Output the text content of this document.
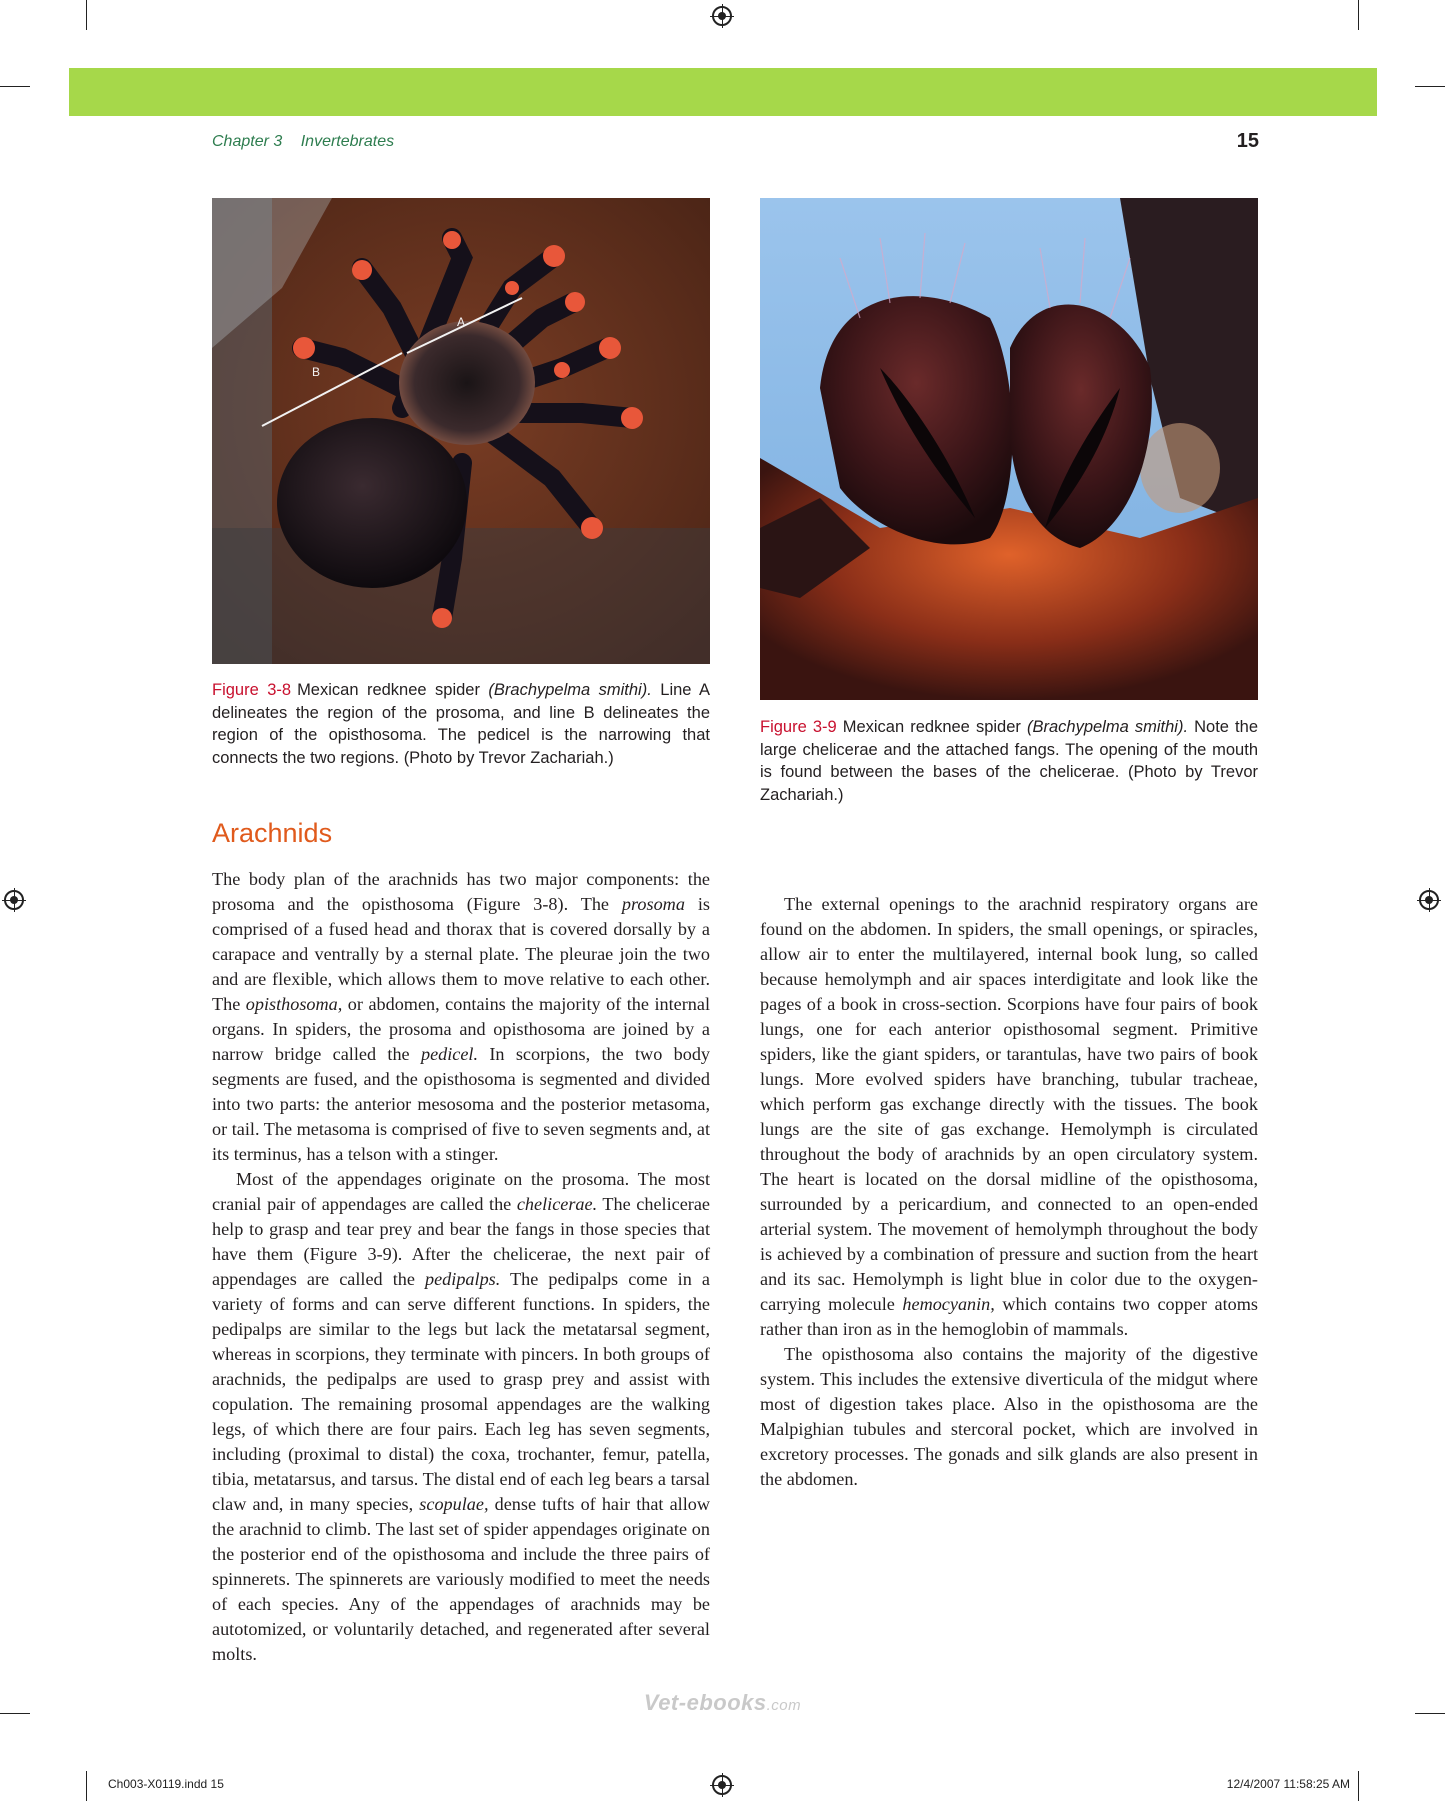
Chapter 3 Invertebrates	15
A
B
Figure 3-8 Mexican redknee spider (Brachypelma smithi). Line A delineates the region of the prosoma, and line B delineates the region of the opisthosoma. The pedicel is the narrowing that connects the two regions. (Photo by Trevor Zachariah.)
Figure 3-9 Mexican redknee spider (Brachypelma smithi). Note the large chelicerae and the attached fangs. The opening of the mouth is found between the bases of the chelicerae. (Photo by Trevor Zachariah.)
Arachnids

The body plan of the arachnids has two major components: the prosoma and the opisthosoma (Figure 3-8). The prosoma is comprised of a fused head and thorax that is covered dorsally by a carapace and ventrally by a sternal plate. The pleurae join the two and are flexible, which allows them to move relative to each other. The opisthosoma, or abdomen, contains the majority of the internal organs. In spiders, the prosoma and opisthosoma are joined by a narrow bridge called the pedicel. In scorpions, the two body segments are fused, and the opisthosoma is segmented and divided into two parts: the anterior mesosoma and the posterior metasoma, or tail. The metasoma is comprised of five to seven segments and, at its terminus, has a telson with a stinger.

Most of the appendages originate on the prosoma. The most cranial pair of appendages are called the chelicerae. The chelicerae help to grasp and tear prey and bear the fangs in those species that have them (Figure 3-9). After the chelicerae, the next pair of appendages are called the pedipalps. The pedipalps come in a variety of forms and can serve different functions. In spiders, the pedipalps are similar to the legs but lack the metatarsal segment, whereas in scorpions, they terminate with pincers. In both groups of arachnids, the pedipalps are used to grasp prey and assist with copulation. The remaining prosomal appendages are the walking legs, of which there are four pairs. Each leg has seven segments, including (proximal to distal) the coxa, trochanter, femur, patella, tibia, metatarsus, and tarsus. The distal end of each leg bears a tarsal claw and, in many species, scopulae, dense tufts of hair that allow the arachnid to climb. The last set of spider appendages originate on the posterior end of the opisthosoma and include the three pairs of spinnerets. The spinnerets are variously modified to meet the needs of each species. Any of the appendages of arachnids may be autotomized, or voluntarily detached, and regenerated after several molts.

The external openings to the arachnid respiratory organs are found on the abdomen. In spiders, the small openings, or spiracles, allow air to enter the multilayered, internal book lung, so called because hemolymph and air spaces interdigitate and look like the pages of a book in cross-section. Scorpions have four pairs of book lungs, one for each anterior opisthosomal segment. Primitive spiders, like the giant spiders, or tarantulas, have two pairs of book lungs. More evolved spiders have branching, tubular tracheae, which perform gas exchange directly with the tissues. The book lungs are the site of gas exchange. Hemolymph is circulated throughout the body of arachnids by an open circulatory system. The heart is located on the dorsal midline of the opisthosoma, surrounded by a pericardium, and connected to an open-ended arterial system. The movement of hemolymph throughout the body is achieved by a combination of pressure and suction from the heart and its sac. Hemolymph is light blue in color due to the oxygen-carrying molecule hemocyanin, which contains two copper atoms rather than iron as in the hemoglobin of mammals.

The opisthosoma also contains the majority of the digestive system. This includes the extensive diverticula of the midgut where most of digestion takes place. Also in the opisthosoma are the Malpighian tubules and stercoral pocket, which are involved in excretory processes. The gonads and silk glands are also present in the abdomen.

Vet-ebooks.com
Ch003-X0119.indd 15	12/4/2007 11:58:25 AM
